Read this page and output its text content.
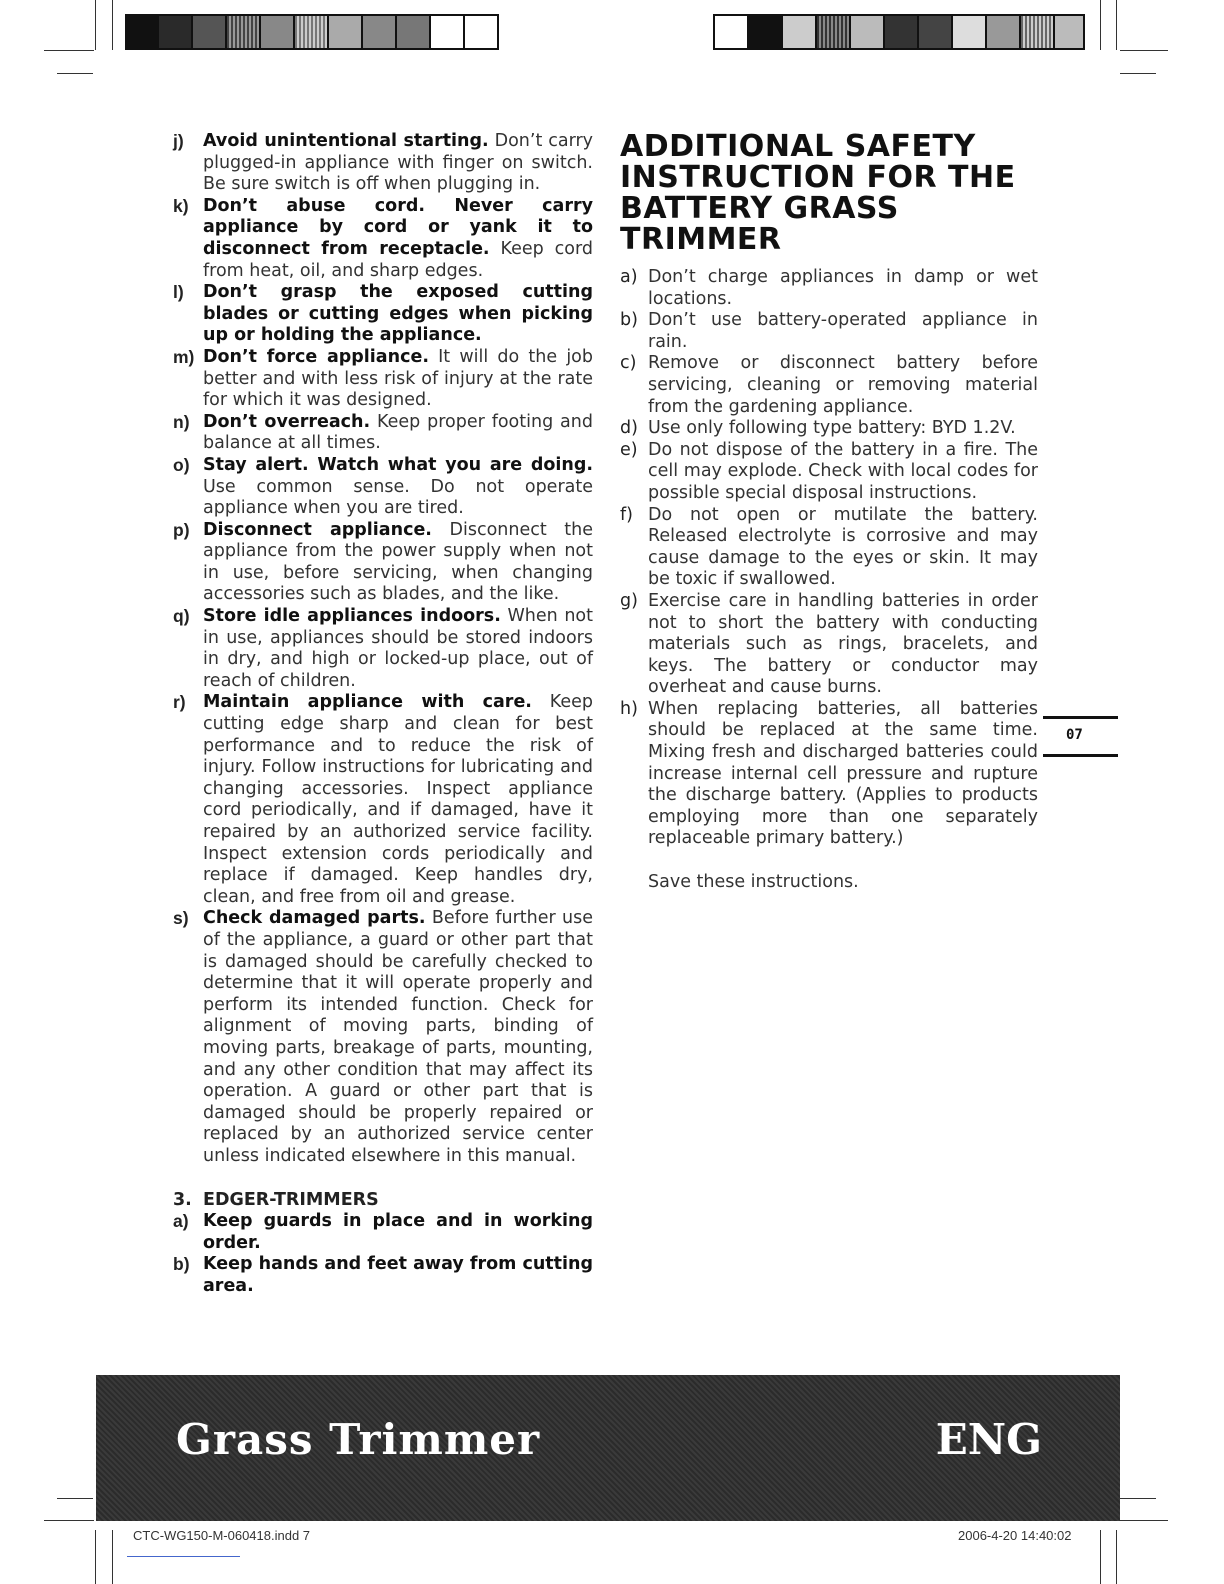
j)	Avoid unintentional starting. Don’t carry plugged-in appliance with finger on switch. Be sure switch is off when plugging in.
k) Don’t abuse cord. Never carry appliance by cord or yank it to disconnect from receptacle. Keep cord from heat, oil, and sharp edges.
l)	Don’t grasp the exposed cutting blades or cutting edges when picking up or holding the appliance.
m) Don’t force appliance. It will do the job better and with less risk of injury at the rate for which it was designed.
n) Don’t overreach. Keep proper footing and balance at all times.
o) Stay alert. Watch what you are doing. Use common sense. Do not operate appliance when you are tired.
p) Disconnect appliance. Disconnect the appliance from the power supply when not in use, before servicing, when changing accessories such as blades, and the like.
q) Store idle appliances indoors. When not in use, appliances should be stored indoors in dry, and high or locked-up place, out of reach of children.
r) Maintain appliance with care. Keep cutting edge sharp and clean for best performance and to reduce the risk of injury. Follow instructions for lubricating and changing accessories. Inspect appliance cord periodically, and if damaged, have it repaired by an authorized service facility. Inspect extension cords periodically and replace if damaged. Keep handles dry, clean, and free from oil and grease.
s) Check damaged parts. Before further use of the appliance, a guard or other part that is damaged should be carefully checked to determine that it will operate properly and perform its intended function. Check for alignment of moving parts, binding of moving parts, breakage of parts, mounting, and any other condition that may affect its operation. A guard or other part that is damaged should be properly repaired or replaced by an authorized service center unless indicated elsewhere in this manual.
3. EDGER-TRIMMERS
a) Keep guards in place and in working order.
b) Keep hands and feet away from cutting area.
ADDITIONAL SAFETY INSTRUCTION FOR THE BATTERY GRASS TRIMMER
a) Don’t charge appliances in damp or wet locations.
b) Don’t use battery-operated appliance in rain.
c) Remove or disconnect battery before servicing, cleaning or removing material from the gardening appliance.
d) Use only following type battery: BYD 1.2V.
e) Do not dispose of the battery in a fire. The cell may explode. Check with local codes for possible special disposal instructions.
f) Do not open or mutilate the battery. Released electrolyte is corrosive and may cause damage to the eyes or skin. It may be toxic if swallowed.
g) Exercise care in handling batteries in order not to short the battery with conducting materials such as rings, bracelets, and keys. The battery or conductor may overheat and cause burns.
h) When replacing batteries, all batteries should be replaced at the same time. Mixing fresh and discharged batteries could increase internal cell pressure and rupture the discharge battery. (Applies to products employing more than one separately replaceable primary battery.)
Save these instructions.
07
Grass Trimmer	ENG
CTC-WG150-M-060418.indd 7	2006-4-20 14:40:02
